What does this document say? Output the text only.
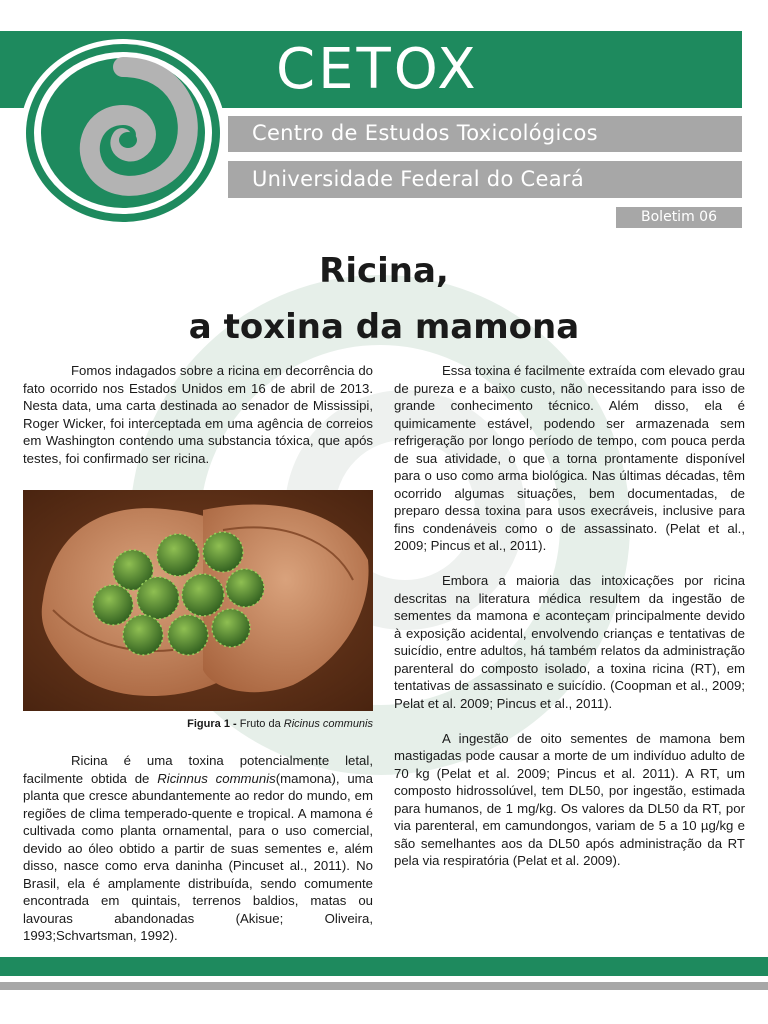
CETOX
Centro de Estudos Toxicológicos
Universidade Federal do Ceará
Boletim 06
Ricina,
a toxina da mamona

Fomos indagados sobre a ricina em decorrência do fato ocorrido nos Estados Unidos em 16 de abril de 2013. Nesta data, uma carta destinada ao senador de Mississipi, Roger Wicker, foi interceptada em uma agência de correios em Washington contendo uma substancia tóxica, que após testes, foi confirmado ser ricina.

Figura 1 - Fruto da Ricinus communis

Ricina é uma toxina potencialmente letal, facilmente obtida de Ricinnus communis(mamona), uma planta que cresce abundantemente ao redor do mundo, em regiões de clima temperado-quente e tropical. A mamona é cultivada como planta ornamental, para o uso comercial, devido ao óleo obtido a partir de suas sementes e, além disso, nasce como erva daninha (Pincuset al., 2011). No Brasil, ela é amplamente distribuída, sendo comumente encontrada em quintais, terrenos baldios, matas ou lavouras abandonadas (Akisue; Oliveira, 1993;Schvartsman, 1992).

Essa toxina é facilmente extraída com elevado grau de pureza e a baixo custo, não necessitando para isso de grande conhecimento técnico. Além disso, ela é quimicamente estável, podendo ser armazenada sem refrigeração por longo período de tempo, com pouca perda de sua atividade, o que a torna prontamente disponível para o uso como arma biológica. Nas últimas décadas, têm ocorrido algumas situações, bem documentadas, de preparo dessa toxina para usos execráveis, inclusive para fins condenáveis como o de assassinato. (Pelat et al., 2009; Pincus et al., 2011).

Embora a maioria das intoxicações por ricina descritas na literatura médica resultem da ingestão de sementes da mamona e aconteçam principalmente devido à exposição acidental, envolvendo crianças e tentativas de suicídio, entre adultos, há também relatos da administração parenteral do composto isolado, a toxina ricina (RT), em tentativas de assassinato e suicídio. (Coopman et al., 2009; Pelat et al. 2009; Pincus et al., 2011).

A ingestão de oito sementes de mamona bem mastigadas pode causar a morte de um indivíduo adulto de 70 kg (Pelat et al. 2009; Pincus et al. 2011). A RT, um composto hidrossolúvel, tem DL50, por ingestão, estimada para humanos, de 1 mg/kg. Os valores da DL50 da RT, por via parenteral, em camundongos, variam de 5 a 10 µg/kg e são semelhantes aos da DL50 após administração da RT pela via respiratória (Pelat et al. 2009).
